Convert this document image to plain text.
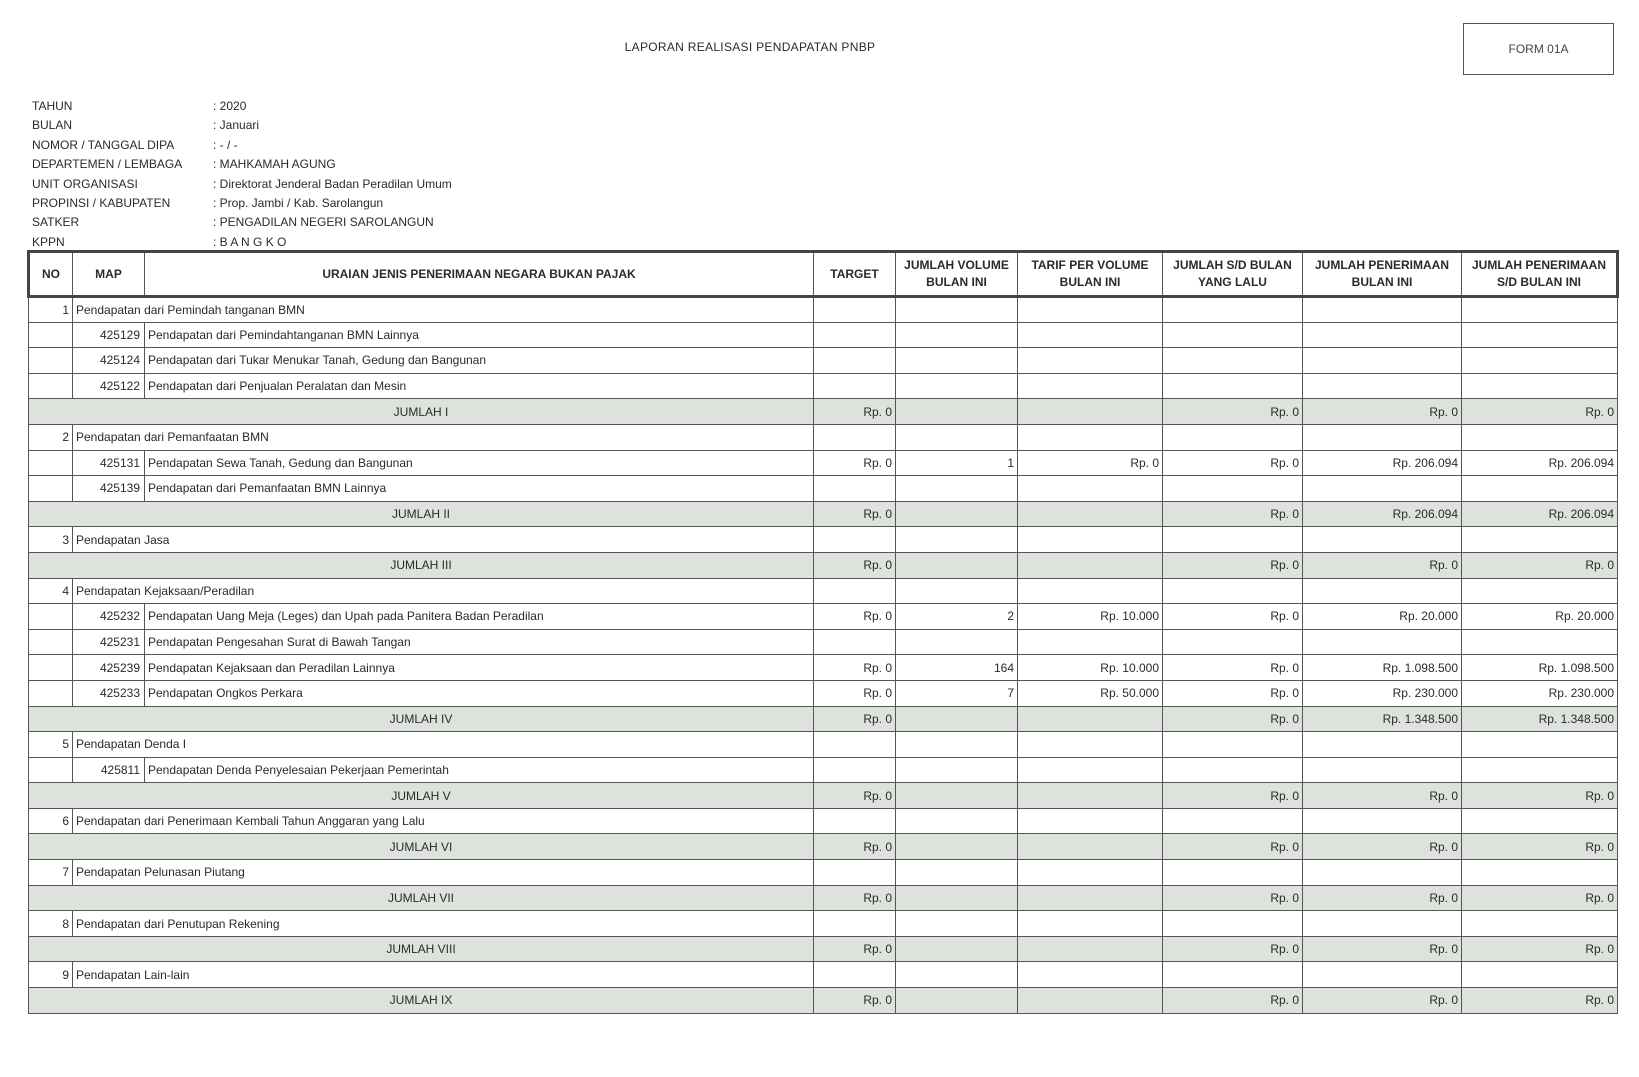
LAPORAN REALISASI PENDAPATAN PNBP	FORM 01A
TAHUN	: 2020
BULAN	: Januari
NOMOR / TANGGAL DIPA	: - / -
DEPARTEMEN / LEMBAGA	: MAHKAMAH AGUNG
UNIT ORGANISASI	: Direktorat Jenderal Badan Peradilan Umum
PROPINSI / KABUPATEN	: Prop. Jambi / Kab. Sarolangun
SATKER	: PENGADILAN NEGERI SAROLANGUN
KPPN	: B A N G K O
NO	MAP	URAIAN JENIS PENERIMAAN NEGARA BUKAN PAJAK	TARGET	JUMLAH VOLUME BULAN INI	TARIF PER VOLUME BULAN INI	JUMLAH S/D BULAN YANG LALU	JUMLAH PENERIMAAN BULAN INI	JUMLAH PENERIMAAN S/D BULAN INI
1	Pendapatan dari Pemindah tanganan BMN							
	425129	Pendapatan dari Pemindahtanganan BMN Lainnya						
	425124	Pendapatan dari Tukar Menukar Tanah, Gedung dan Bangunan						
	425122	Pendapatan dari Penjualan Peralatan dan Mesin						
JUMLAH I			Rp. 0			Rp. 0	Rp. 0	Rp. 0
2	Pendapatan dari Pemanfaatan BMN							
	425131	Pendapatan Sewa Tanah, Gedung dan Bangunan	Rp. 0	1	Rp. 0	Rp. 0	Rp. 206.094	Rp. 206.094
	425139	Pendapatan dari Pemanfaatan BMN Lainnya						
JUMLAH II			Rp. 0			Rp. 0	Rp. 206.094	Rp. 206.094
3	Pendapatan Jasa							
JUMLAH III			Rp. 0			Rp. 0	Rp. 0	Rp. 0
4	Pendapatan Kejaksaan/Peradilan							
	425232	Pendapatan Uang Meja (Leges) dan Upah pada Panitera Badan Peradilan	Rp. 0	2	Rp. 10.000	Rp. 0	Rp. 20.000	Rp. 20.000
	425231	Pendapatan Pengesahan Surat di Bawah Tangan						
	425239	Pendapatan Kejaksaan dan Peradilan Lainnya	Rp. 0	164	Rp. 10.000	Rp. 0	Rp. 1.098.500	Rp. 1.098.500
	425233	Pendapatan Ongkos Perkara	Rp. 0	7	Rp. 50.000	Rp. 0	Rp. 230.000	Rp. 230.000
JUMLAH IV			Rp. 0			Rp. 0	Rp. 1.348.500	Rp. 1.348.500
5	Pendapatan Denda I							
	425811	Pendapatan Denda Penyelesaian Pekerjaan Pemerintah						
JUMLAH V			Rp. 0			Rp. 0	Rp. 0	Rp. 0
6	Pendapatan dari Penerimaan Kembali Tahun Anggaran yang Lalu							
JUMLAH VI			Rp. 0			Rp. 0	Rp. 0	Rp. 0
7	Pendapatan Pelunasan Piutang							
JUMLAH VII			Rp. 0			Rp. 0	Rp. 0	Rp. 0
8	Pendapatan dari Penutupan Rekening							
JUMLAH VIII			Rp. 0			Rp. 0	Rp. 0	Rp. 0
9	Pendapatan Lain-lain							
JUMLAH IX			Rp. 0			Rp. 0	Rp. 0	Rp. 0
